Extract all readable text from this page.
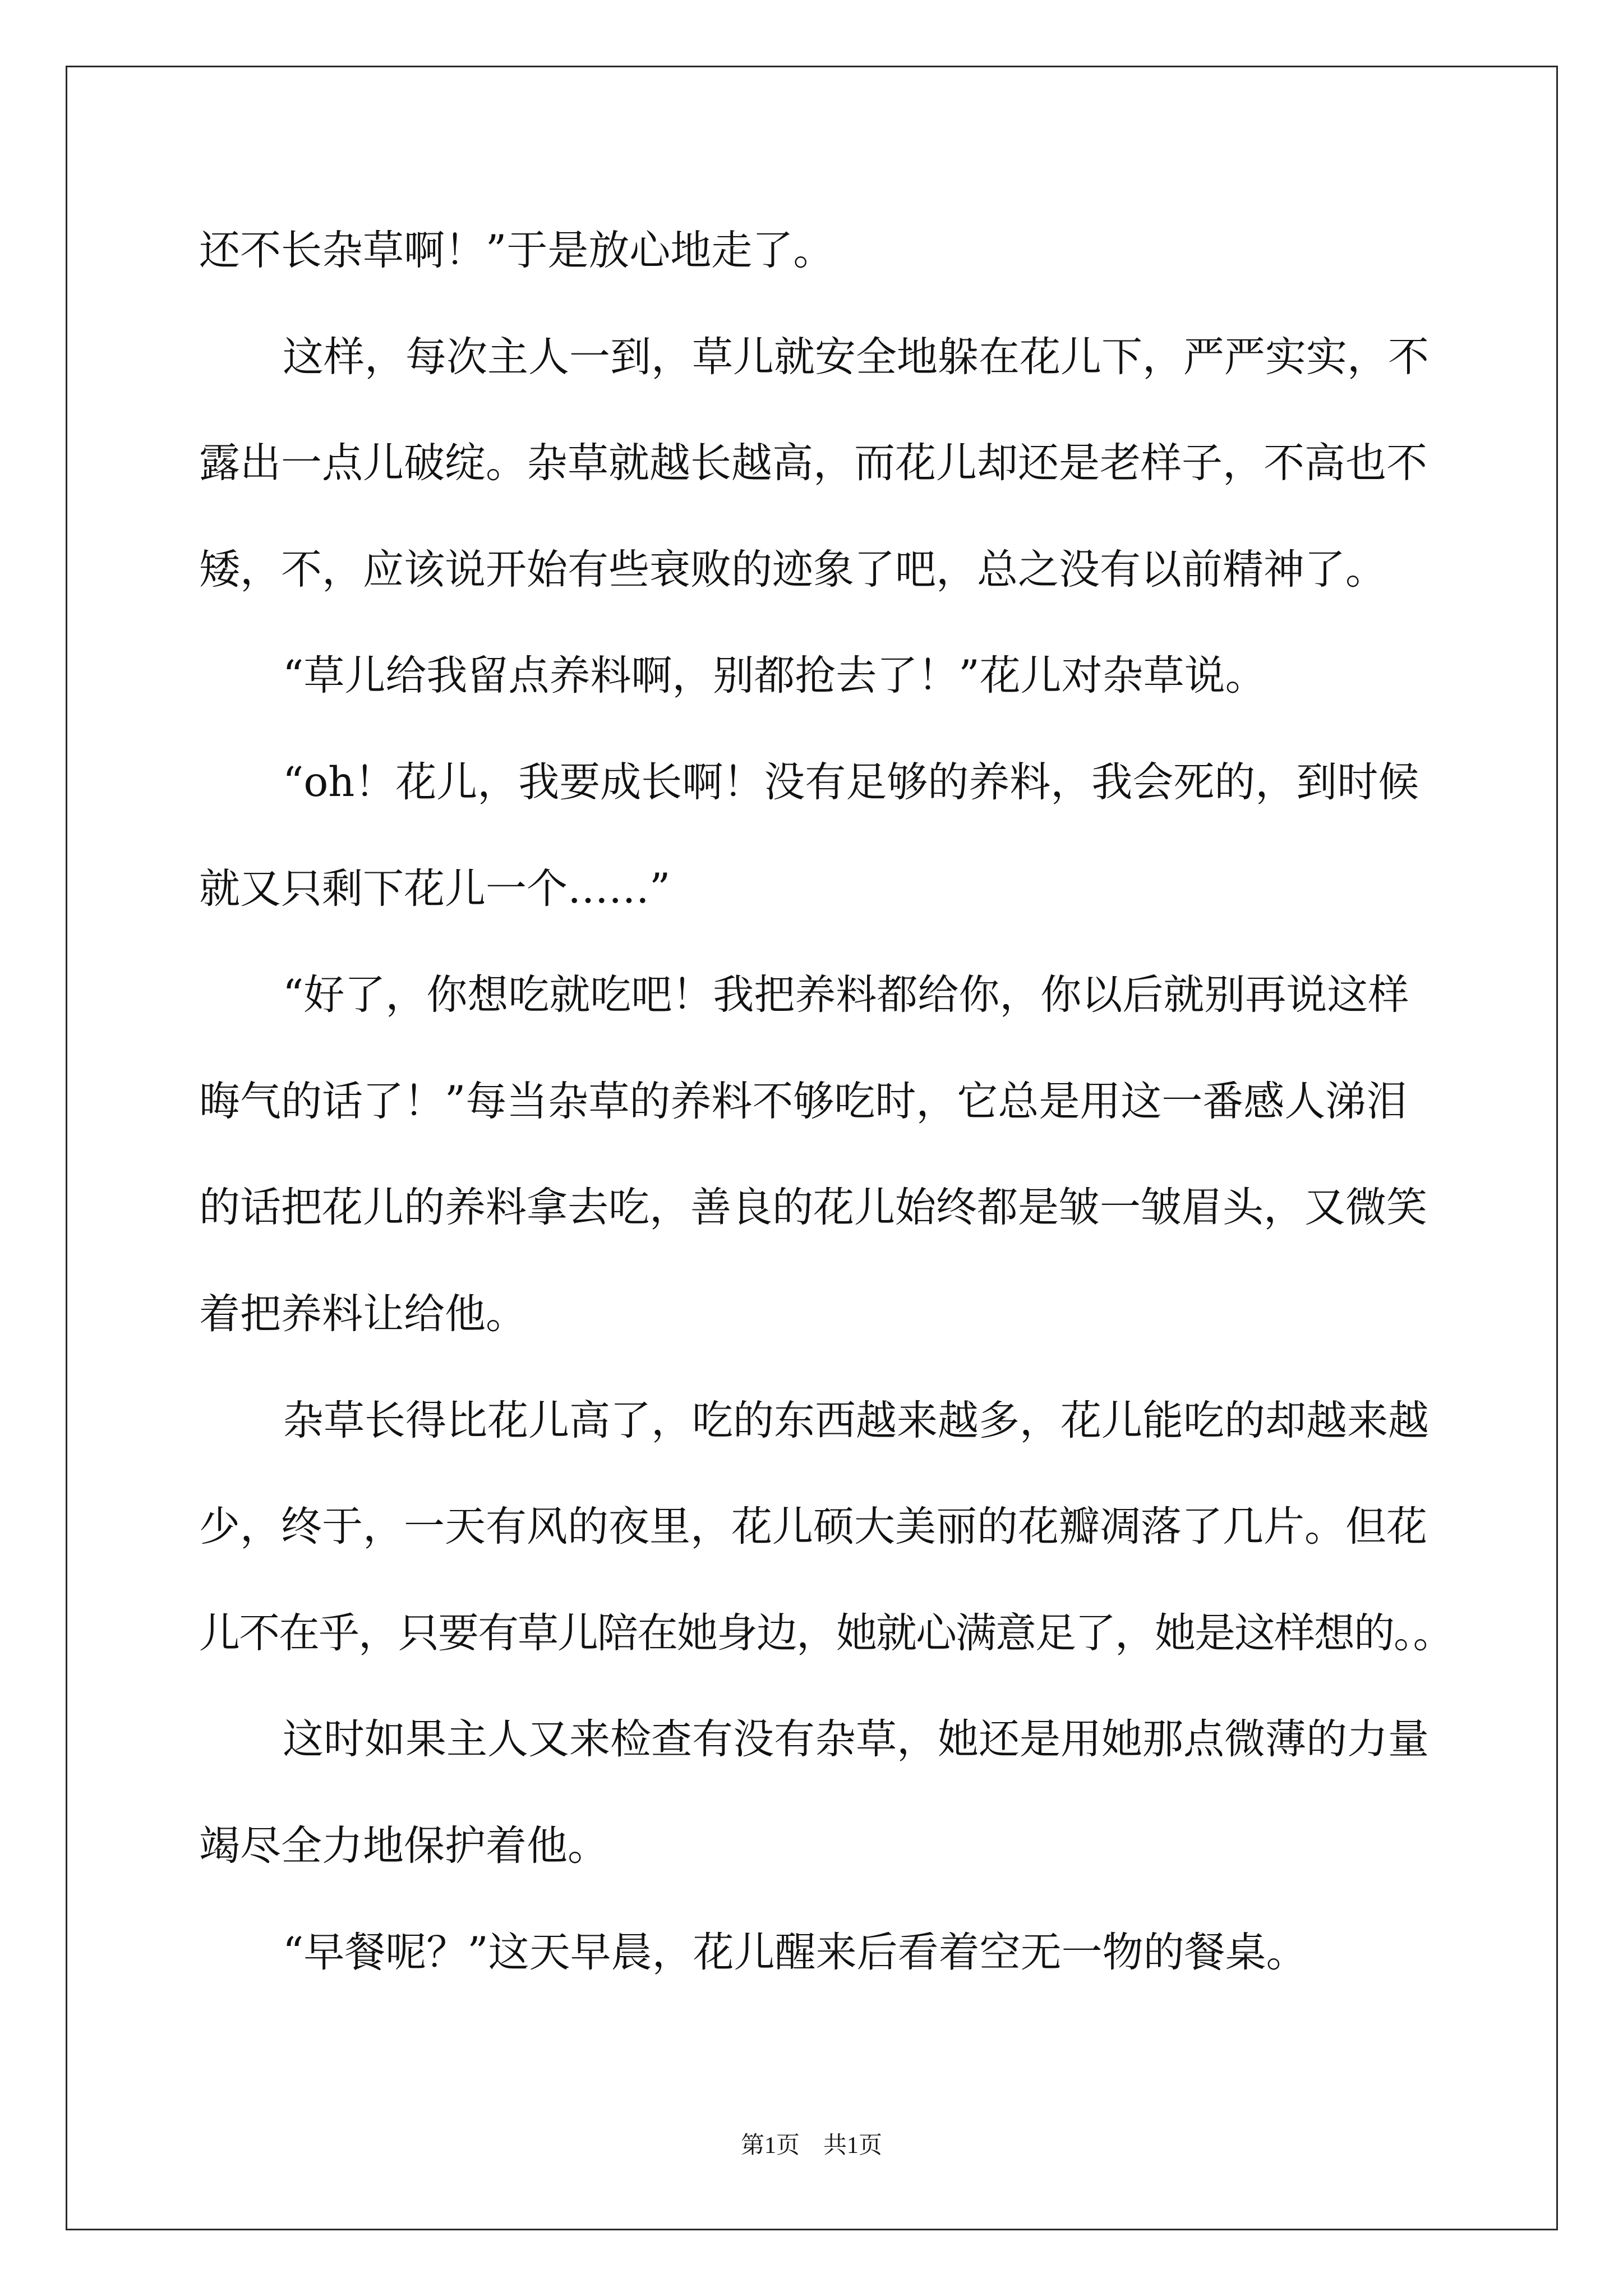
还不长杂草啊！”于是放心地走了。
这样，每次主人一到，草儿就安全地躲在花儿下，严严实实，不
露出一点儿破绽。杂草就越长越高，而花儿却还是老样子，不高也不
矮，不，应该说开始有些衰败的迹象了吧，总之没有以前精神了。
“草儿给我留点养料啊，别都抢去了！”花儿对杂草说。
“oh！花儿，我要成长啊！没有足够的养料，我会死的，到时候
就又只剩下花儿一个……”
“好了，你想吃就吃吧！我把养料都给你，你以后就别再说这样
晦气的话了！”每当杂草的养料不够吃时，它总是用这一番感人涕泪
的话把花儿的养料拿去吃，善良的花儿始终都是皱一皱眉头，又微笑
着把养料让给他。
杂草长得比花儿高了，吃的东西越来越多，花儿能吃的却越来越
少，终于，一天有风的夜里，花儿硕大美丽的花瓣凋落了几片。但花
儿不在乎，只要有草儿陪在她身边，她就心满意足了，她是这样想的。。
这时如果主人又来检查有没有杂草，她还是用她那点微薄的力量
竭尽全力地保护着他。
“早餐呢？”这天早晨，花儿醒来后看着空无一物的餐桌。
第1页 共1页
